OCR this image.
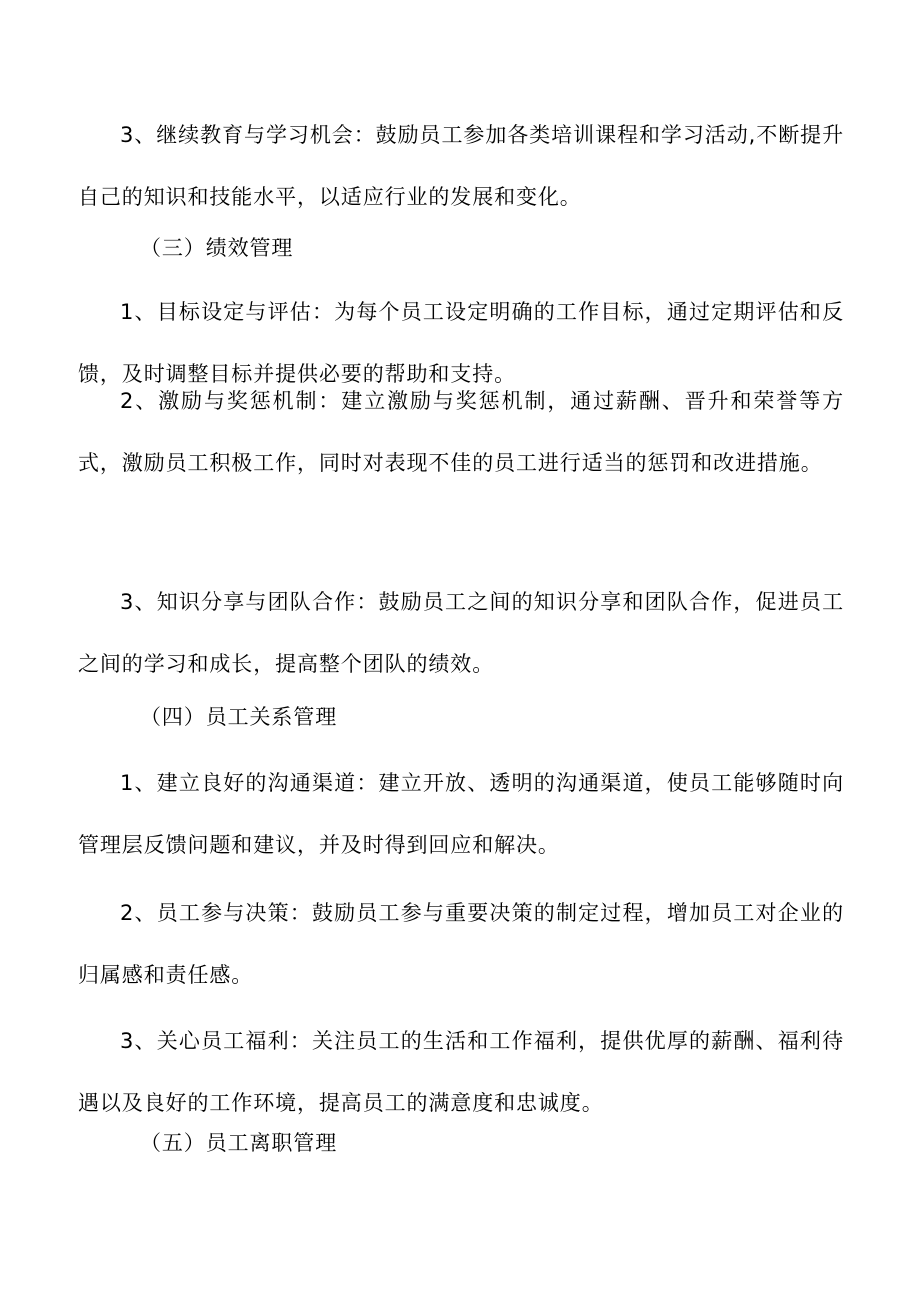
3、继续教育与学习机会：鼓励员工参加各类培训课程和学习活动,不断提升自己的知识和技能水平，以适应行业的发展和变化。

（三）绩效管理

1、目标设定与评估：为每个员工设定明确的工作目标，通过定期评估和反馈，及时调整目标并提供必要的帮助和支持。

2、激励与奖惩机制：建立激励与奖惩机制，通过薪酬、晋升和荣誉等方式，激励员工积极工作，同时对表现不佳的员工进行适当的惩罚和改进措施。

3、知识分享与团队合作：鼓励员工之间的知识分享和团队合作，促进员工之间的学习和成长，提高整个团队的绩效。

（四）员工关系管理

1、建立良好的沟通渠道：建立开放、透明的沟通渠道，使员工能够随时向管理层反馈问题和建议，并及时得到回应和解决。

2、员工参与决策：鼓励员工参与重要决策的制定过程，增加员工对企业的归属感和责任感。

3、关心员工福利：关注员工的生活和工作福利，提供优厚的薪酬、福利待遇以及良好的工作环境，提高员工的满意度和忠诚度。

（五）员工离职管理
